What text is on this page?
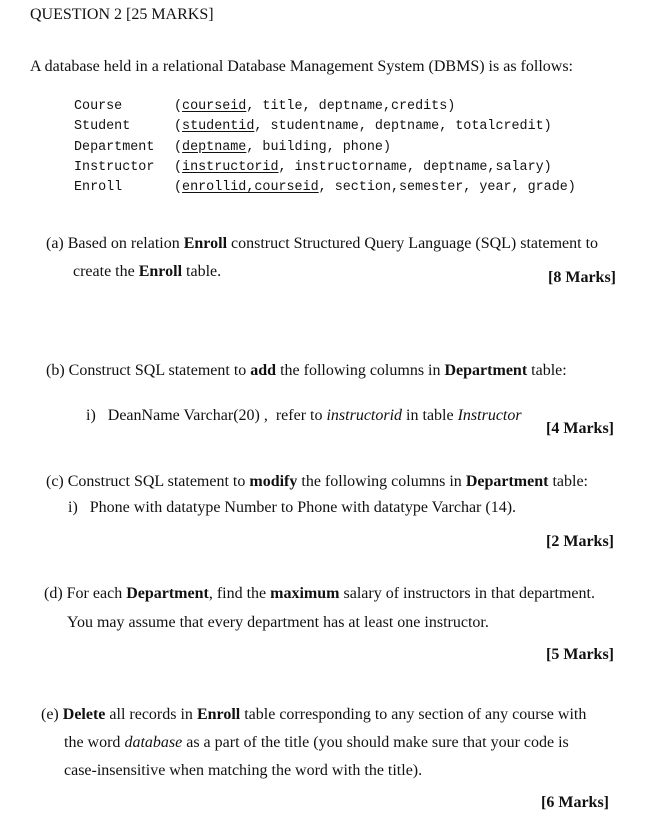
QUESTION 2 [25 MARKS]
A database held in a relational Database Management System (DBMS) is as follows:
Course	(courseid, title, deptname,credits)
Student	(studentid, studentname, deptname, totalcredit)
Department (deptname, building, phone)
Instructor (instructorid, instructorname, deptname,salary)
Enroll	(enrollid,courseid, section,semester, year, grade)
(a) Based on relation Enroll construct Structured Query Language (SQL) statement to
create the Enroll table.	[8 Marks]
(b) Construct SQL statement to add the following columns in Department table:

i)   DeanName Varchar(20) ,  refer to instructorid in table Instructor

[4 Marks]
(c) Construct SQL statement to modify the following columns in Department table:
i)   Phone with datatype Number to Phone with datatype Varchar (14).
[2 Marks]
(d) For each Department, find the maximum salary of instructors in that department.
You may assume that every department has at least one instructor.
[5 Marks]
(e) Delete all records in Enroll table corresponding to any section of any course with
the word database as a part of the title (you should make sure that your code is
case-insensitive when matching the word with the title).
[6 Marks]
